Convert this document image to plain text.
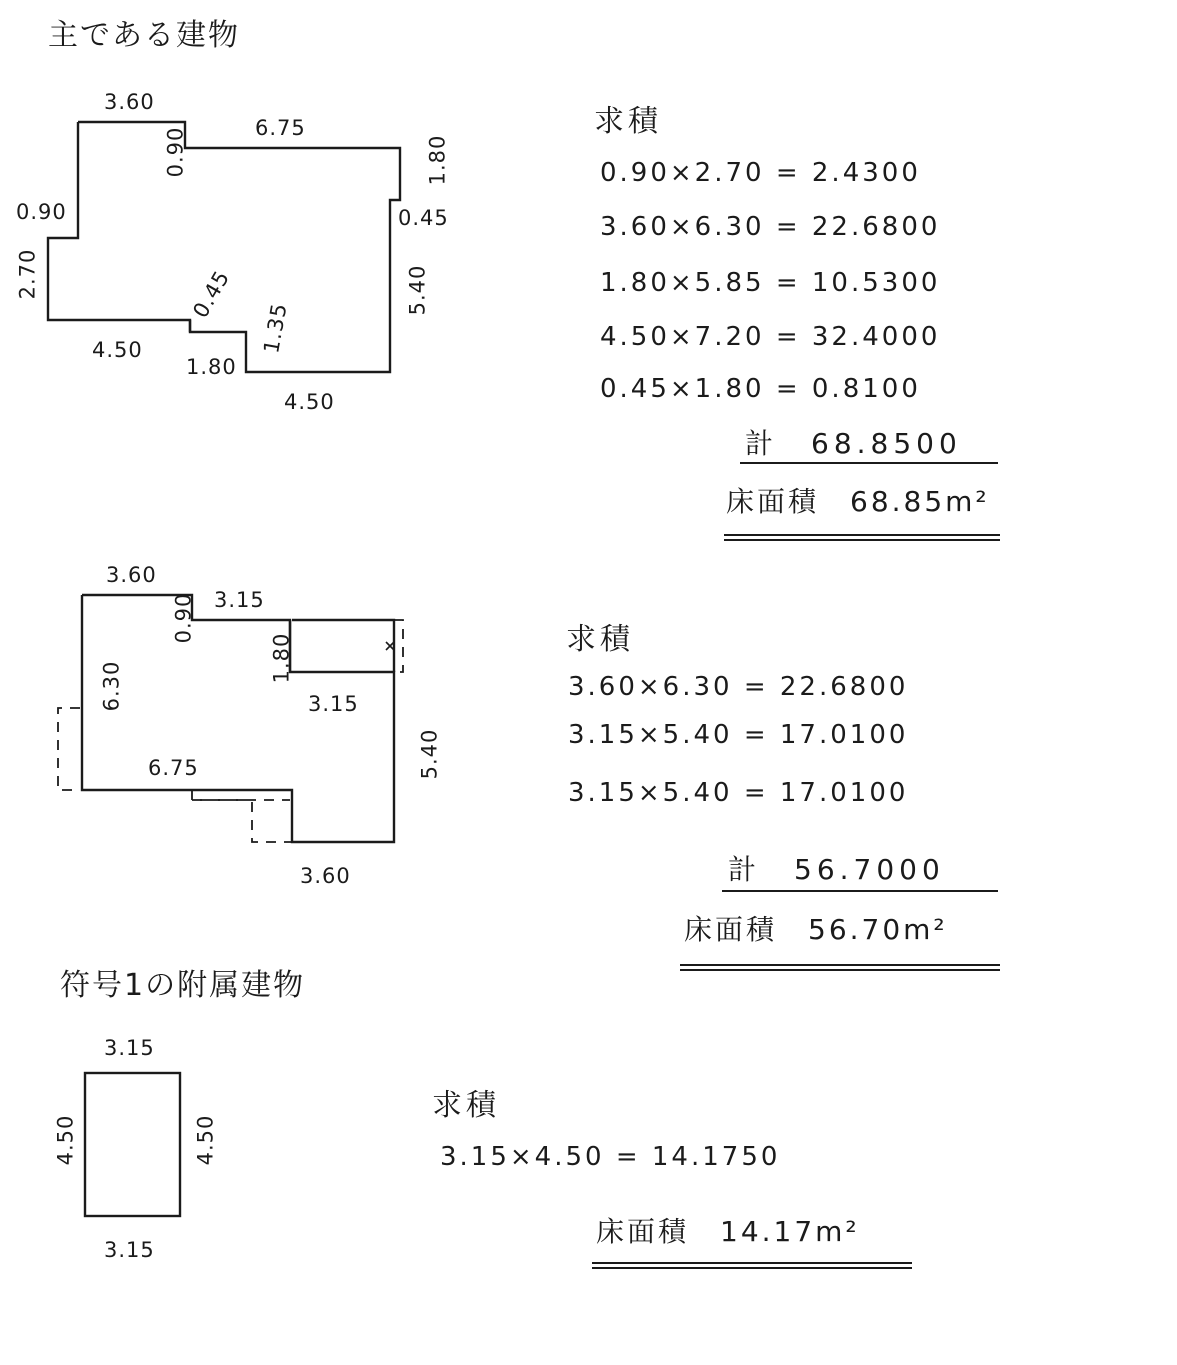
主である建物
3.60
0.90	6.75
1.80
0.45
0.90
2.70	5.40
0.45
1.35
4.50
1.80
4.50
求積
0.90×2.70 = 2.4300
3.60×6.30 = 22.6800
1.80×5.85 = 10.5300
4.50×7.20 = 32.4000
0.45×1.80 = 0.8100
計　68.8500
床面積　68.85m²
3.60
0.90 3.15
1.80
3.15
6.30
5.40
6.75
3.60
求積
3.60×6.30 = 22.6800
3.15×5.40 = 17.0100
3.15×5.40 = 17.0100
計　56.7000
床面積　56.70m²
符号1の附属建物
3.15
4.50	4.50
3.15
求積
3.15×4.50 = 14.1750
床面積　14.17m²
